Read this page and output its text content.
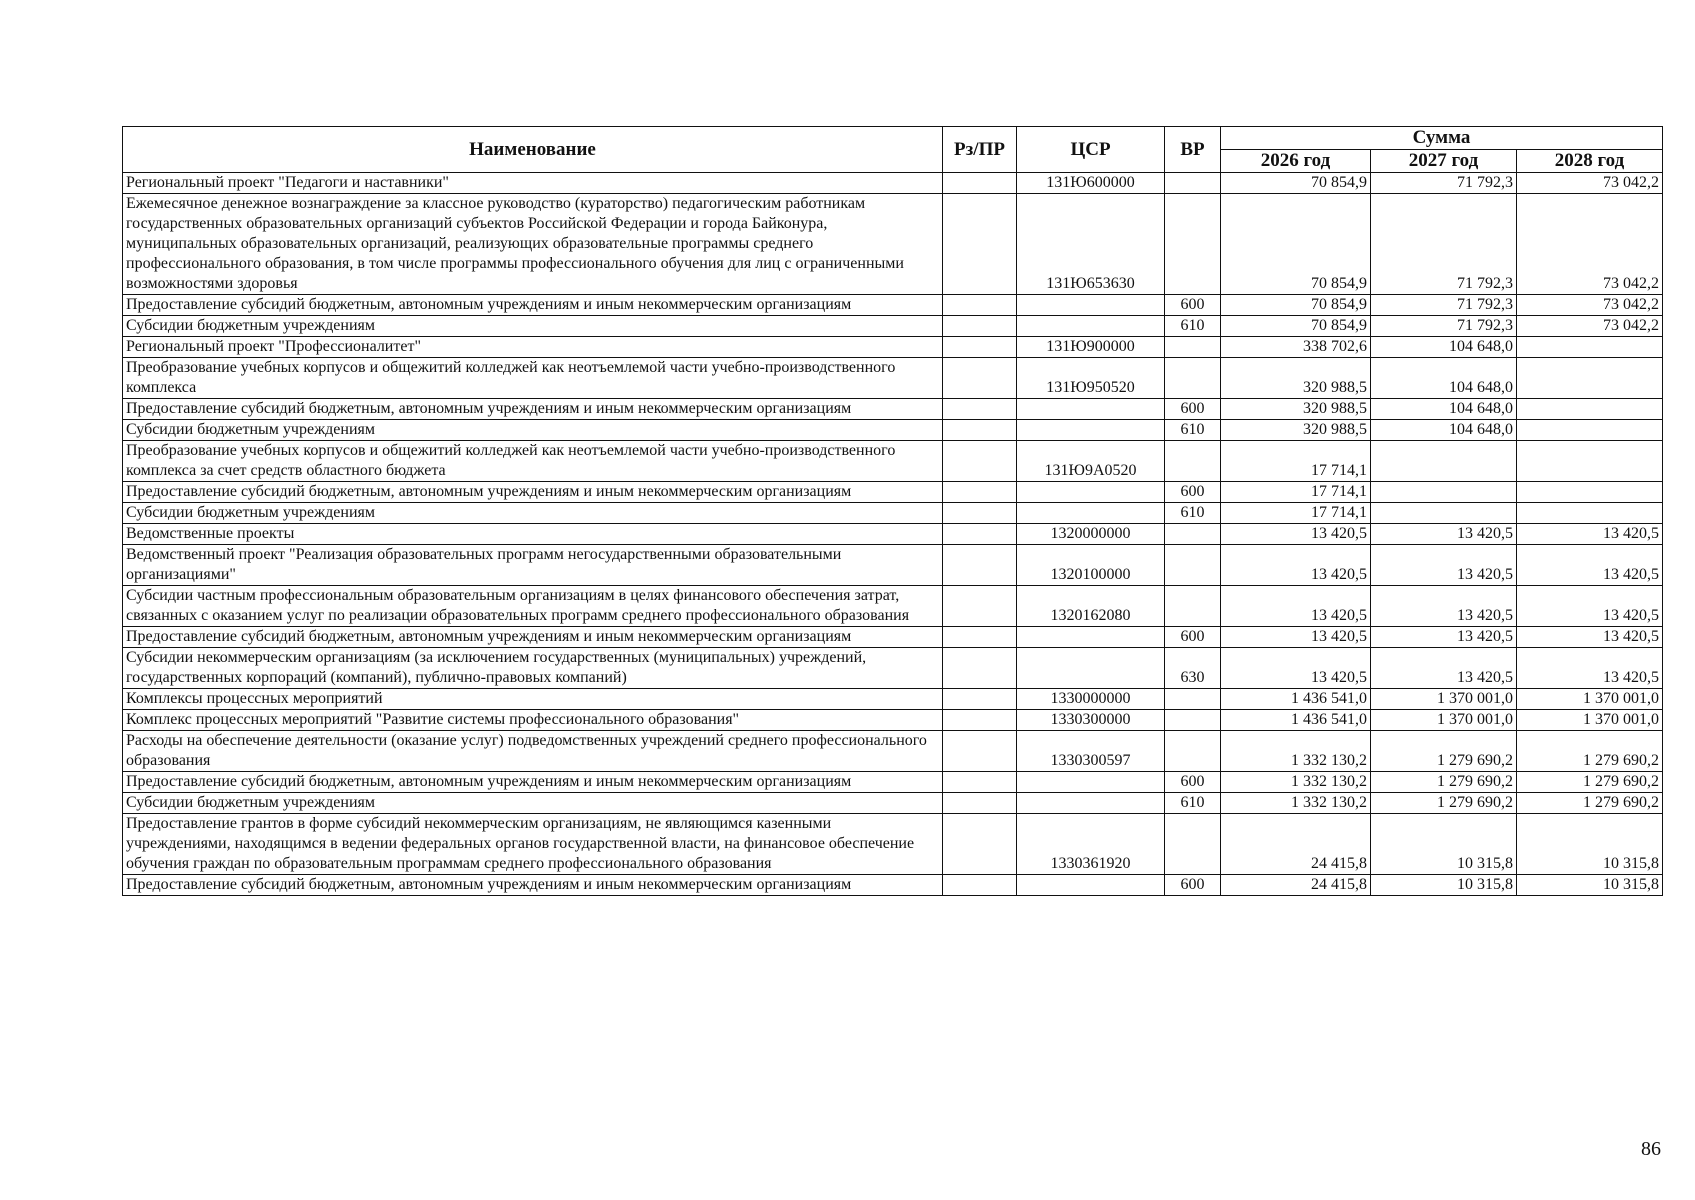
Наименование	Рз/ПР	ЦСР	ВР	Сумма		
				2026 год	2027 год	2028 год
Региональный проект "Педагоги и наставники"		131Ю600000		70 854,9	71 792,3	73 042,2
Ежемесячное денежное вознаграждение за классное руководство (кураторство) педагогическим работникам государственных образовательных организаций субъектов Российской Федерации и города Байконура, муниципальных образовательных организаций, реализующих образовательные программы среднего профессионального образования, в том числе программы профессионального обучения для лиц с ограниченными возможностями здоровья		131Ю653630		70 854,9	71 792,3	73 042,2
Предоставление субсидий бюджетным, автономным учреждениям и иным некоммерческим организациям			600	70 854,9	71 792,3	73 042,2
Субсидии бюджетным учреждениям			610	70 854,9	71 792,3	73 042,2
Региональный проект "Профессионалитет"		131Ю900000		338 702,6	104 648,0	
Преобразование учебных корпусов и общежитий колледжей как неотъемлемой части учебно-производственного комплекса		131Ю950520		320 988,5	104 648,0	
Предоставление субсидий бюджетным, автономным учреждениям и иным некоммерческим организациям			600	320 988,5	104 648,0	
Субсидии бюджетным учреждениям			610	320 988,5	104 648,0	
Преобразование учебных корпусов и общежитий колледжей как неотъемлемой части учебно-производственного комплекса за счет средств областного бюджета		131Ю9А0520		17 714,1		
Предоставление субсидий бюджетным, автономным учреждениям и иным некоммерческим организациям			600	17 714,1		
Субсидии бюджетным учреждениям			610	17 714,1		
Ведомственные проекты		1320000000		13 420,5	13 420,5	13 420,5
Ведомственный проект "Реализация образовательных программ негосударственными образовательными организациями"		1320100000		13 420,5	13 420,5	13 420,5
Субсидии частным профессиональным образовательным организациям в целях финансового обеспечения затрат, связанных с оказанием услуг по реализации образовательных программ среднего профессионального образования		1320162080		13 420,5	13 420,5	13 420,5
Предоставление субсидий бюджетным, автономным учреждениям и иным некоммерческим организациям			600	13 420,5	13 420,5	13 420,5
Субсидии некоммерческим организациям (за исключением государственных (муниципальных) учреждений, государственных корпораций (компаний), публично-правовых компаний)			630	13 420,5	13 420,5	13 420,5
Комплексы процессных мероприятий		1330000000		1 436 541,0	1 370 001,0	1 370 001,0
Комплекс процессных мероприятий "Развитие системы профессионального образования"		1330300000		1 436 541,0	1 370 001,0	1 370 001,0
Расходы на обеспечение деятельности (оказание услуг) подведомственных учреждений среднего профессионального образования		1330300597		1 332 130,2	1 279 690,2	1 279 690,2
Предоставление субсидий бюджетным, автономным учреждениям и иным некоммерческим организациям			600	1 332 130,2	1 279 690,2	1 279 690,2
Субсидии бюджетным учреждениям			610	1 332 130,2	1 279 690,2	1 279 690,2
Предоставление грантов в форме субсидий некоммерческим организациям, не являющимся казенными учреждениями, находящимся в ведении федеральных органов государственной власти, на финансовое обеспечение обучения граждан по образовательным программам среднего профессионального образования		1330361920		24 415,8	10 315,8	10 315,8
Предоставление субсидий бюджетным, автономным учреждениям и иным некоммерческим организациям			600	24 415,8	10 315,8	10 315,8
86
